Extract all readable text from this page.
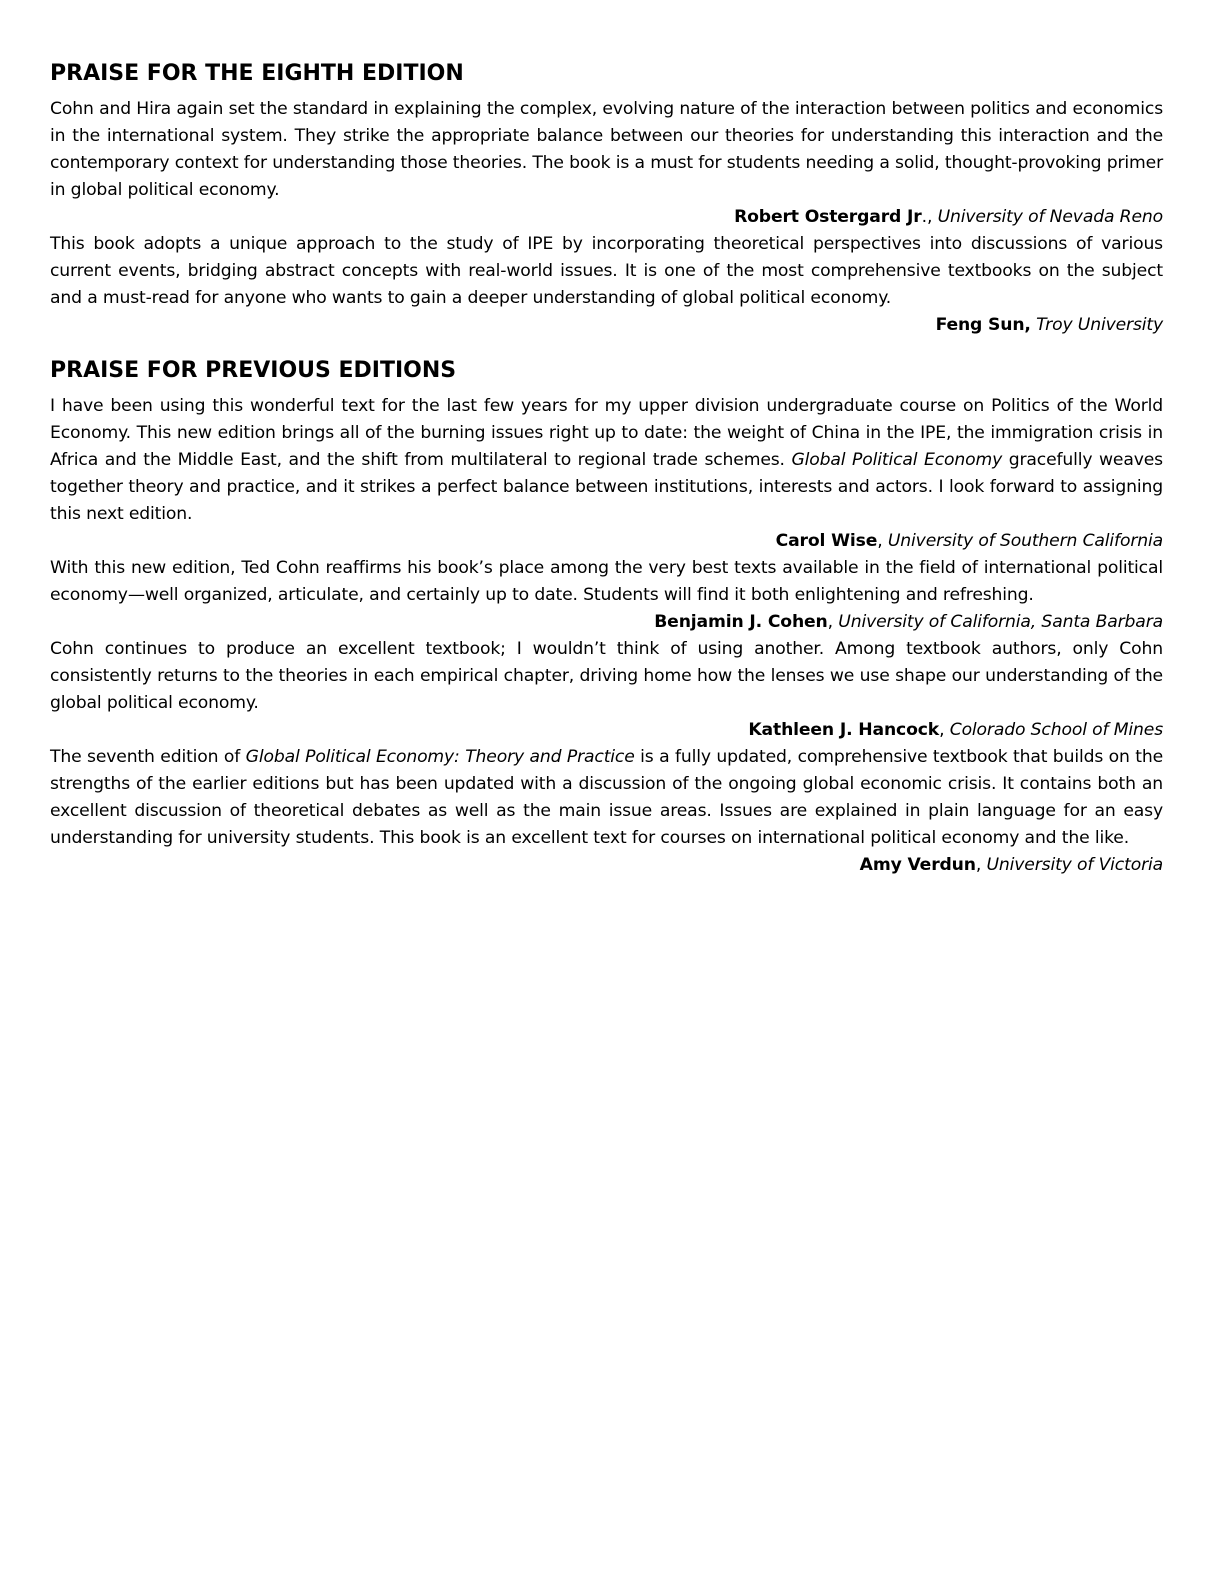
PRAISE FOR THE EIGHTH EDITION

Cohn and Hira again set the standard in explaining the complex, evolving nature of the interaction between politics and economics in the international system. They strike the appropriate balance between our theories for understanding this interaction and the contemporary context for understanding those theories. The book is a must for students needing a solid, thought-provoking primer in global political economy.

Robert Ostergard Jr., University of Nevada Reno

This book adopts a unique approach to the study of IPE by incorporating theoretical perspectives into discussions of various current events, bridging abstract concepts with real-world issues. It is one of the most comprehensive textbooks on the subject and a must-read for anyone who wants to gain a deeper understanding of global political economy.

Feng Sun, Troy University

PRAISE FOR PREVIOUS EDITIONS

I have been using this wonderful text for the last few years for my upper division undergraduate course on Politics of the World Economy. This new edition brings all of the burning issues right up to date: the weight of China in the IPE, the immigration crisis in Africa and the Middle East, and the shift from multilateral to regional trade schemes. Global Political Economy gracefully weaves together theory and practice, and it strikes a perfect balance between institutions, interests and actors. I look forward to assigning this next edition.

Carol Wise, University of Southern California

With this new edition, Ted Cohn reaffirms his book’s place among the very best texts available in the field of international political economy—well organized, articulate, and certainly up to date. Students will find it both enlightening and refreshing.

Benjamin J. Cohen, University of California, Santa Barbara

Cohn continues to produce an excellent textbook; I wouldn’t think of using another. Among textbook authors, only Cohn consistently returns to the theories in each empirical chapter, driving home how the lenses we use shape our understanding of the global political economy.

Kathleen J. Hancock, Colorado School of Mines

The seventh edition of Global Political Economy: Theory and Practice is a fully updated, comprehensive textbook that builds on the strengths of the earlier editions but has been updated with a discussion of the ongoing global economic crisis. It contains both an excellent discussion of theoretical debates as well as the main issue areas. Issues are explained in plain language for an easy understanding for university students. This book is an excellent text for courses on international political economy and the like.

Amy Verdun, University of Victoria
